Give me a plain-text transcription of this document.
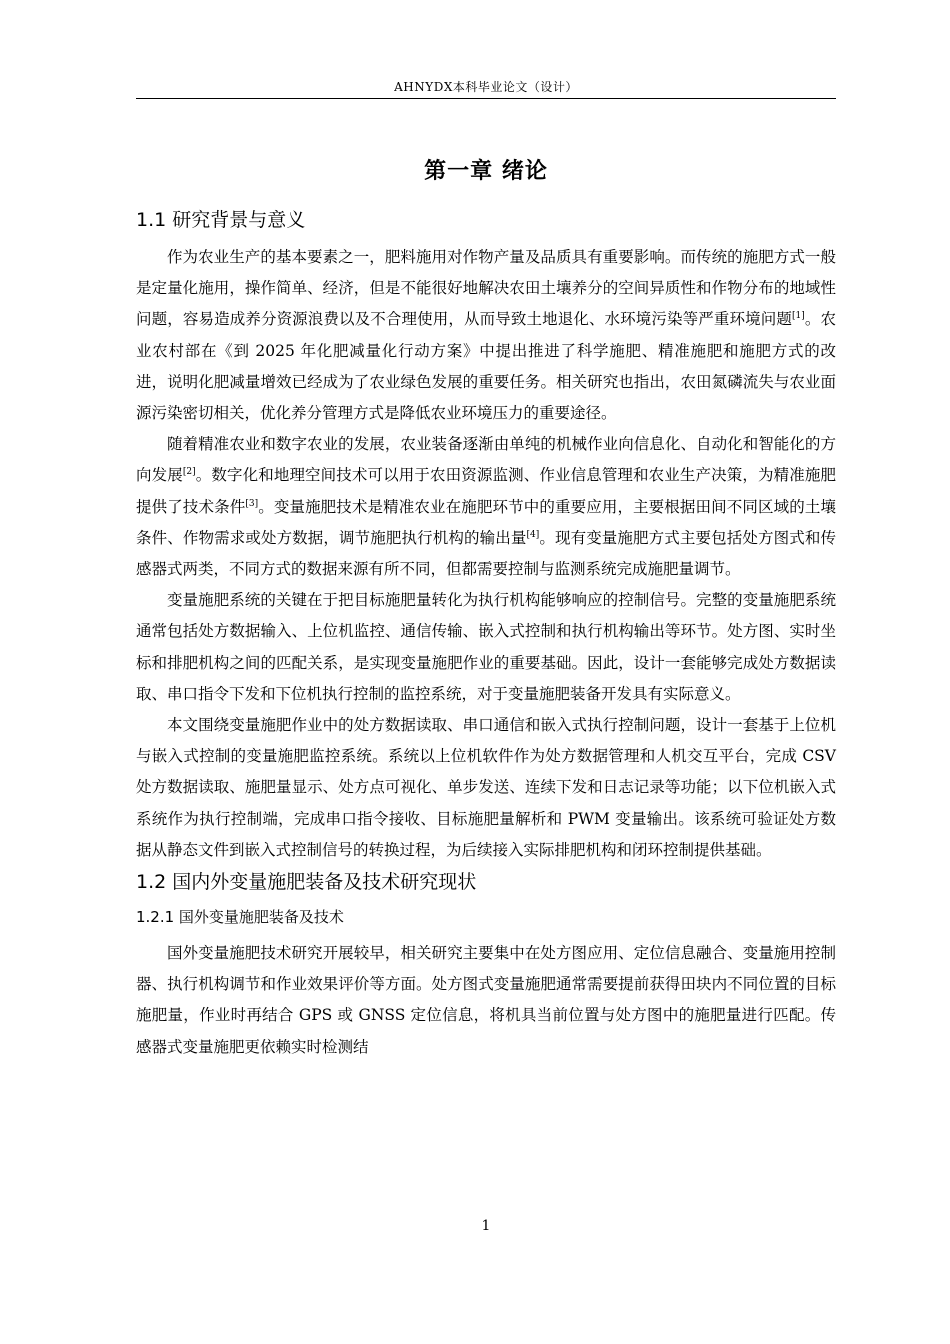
AHNYDX本科毕业论文（设计）
第一章 绪论
1.1 研究背景与意义

作为农业生产的基本要素之一，肥料施用对作物产量及品质具有重要影响。而传统的施肥方式一般是定量化施用，操作简单、经济，但是不能很好地解决农田土壤养分的空间异质性和作物分布的地域性问题，容易造成养分资源浪费以及不合理使用，从而导致土地退化、水环境污染等严重环境问题[1]。农业农村部在《到 2025 年化肥减量化行动方案》中提出推进了科学施肥、精准施肥和施肥方式的改进，说明化肥减量增效已经成为了农业绿色发展的重要任务。相关研究也指出，农田氮磷流失与农业面源污染密切相关，优化养分管理方式是降低农业环境压力的重要途径。

随着精准农业和数字农业的发展，农业装备逐渐由单纯的机械作业向信息化、自动化和智能化的方向发展[2]。数字化和地理空间技术可以用于农田资源监测、作业信息管理和农业生产决策，为精准施肥提供了技术条件[3]。变量施肥技术是精准农业在施肥环节中的重要应用，主要根据田间不同区域的土壤条件、作物需求或处方数据，调节施肥执行机构的输出量[4]。现有变量施肥方式主要包括处方图式和传感器式两类，不同方式的数据来源有所不同，但都需要控制与监测系统完成施肥量调节。

变量施肥系统的关键在于把目标施肥量转化为执行机构能够响应的控制信号。完整的变量施肥系统通常包括处方数据输入、上位机监控、通信传输、嵌入式控制和执行机构输出等环节。处方图、实时坐标和排肥机构之间的匹配关系，是实现变量施肥作业的重要基础。因此，设计一套能够完成处方数据读取、串口指令下发和下位机执行控制的监控系统，对于变量施肥装备开发具有实际意义。

本文围绕变量施肥作业中的处方数据读取、串口通信和嵌入式执行控制问题，设计一套基于上位机与嵌入式控制的变量施肥监控系统。系统以上位机软件作为处方数据管理和人机交互平台，完成 CSV 处方数据读取、施肥量显示、处方点可视化、单步发送、连续下发和日志记录等功能；以下位机嵌入式系统作为执行控制端，完成串口指令接收、目标施肥量解析和 PWM 变量输出。该系统可验证处方数据从静态文件到嵌入式控制信号的转换过程，为后续接入实际排肥机构和闭环控制提供基础。

1.2 国内外变量施肥装备及技术研究现状
1.2.1 国外变量施肥装备及技术

国外变量施肥技术研究开展较早，相关研究主要集中在处方图应用、定位信息融合、变量施用控制器、执行机构调节和作业效果评价等方面。处方图式变量施肥通常需要提前获得田块内不同位置的目标施肥量，作业时再结合 GPS 或 GNSS 定位信息，将机具当前位置与处方图中的施肥量进行匹配。传感器式变量施肥更依赖实时检测结

1
